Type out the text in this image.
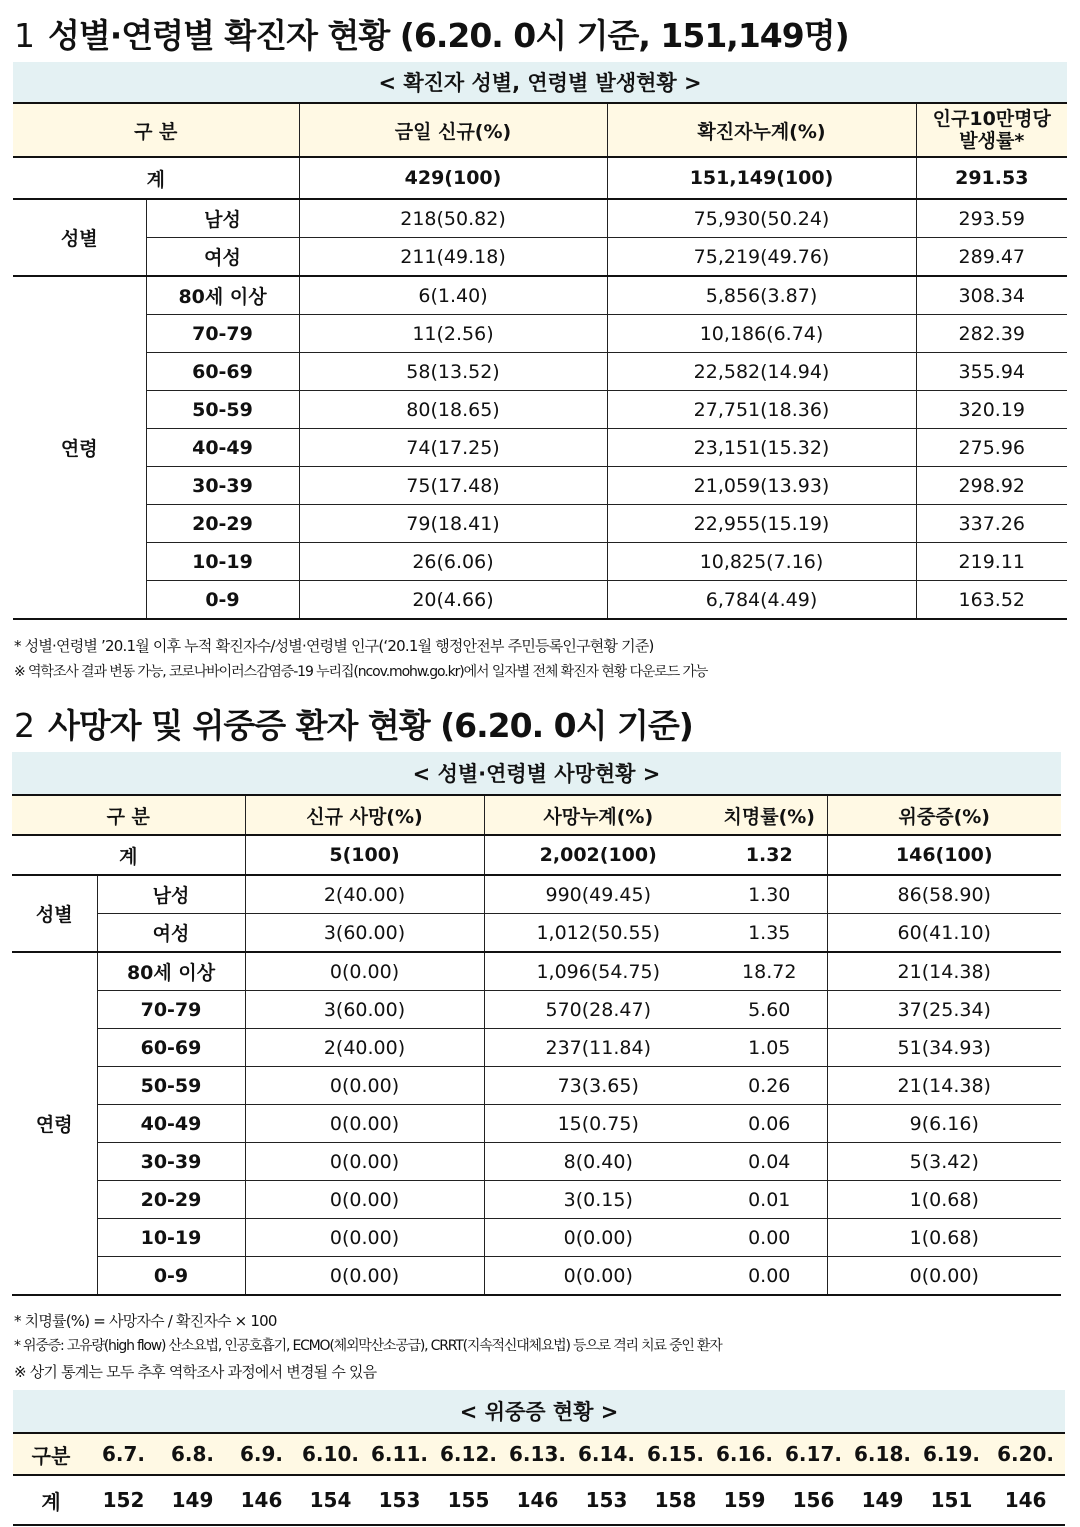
1 성별·연령별 확진자 현황 (6.20. 0시 기준, 151,149명)
< 확진자 성별, 연령별 발생현황 >				
구 분		금일 신규(%)	확진자누계(%)	인구10만명당
발생률*

계		429(100)	151,149(100)	291.53
성별	남성	218(50.82)	75,930(50.24)	293.59
	여성	211(49.18)	75,219(49.76)	289.47
연령	80세 이상	6(1.40)	5,856(3.87)	308.34
	70-79	11(2.56)	10,186(6.74)	282.39
	60-69	58(13.52)	22,582(14.94)	355.94
	50-59	80(18.65)	27,751(18.36)	320.19
	40-49	74(17.25)	23,151(15.32)	275.96
	30-39	75(17.48)	21,059(13.93)	298.92
	20-29	79(18.41)	22,955(15.19)	337.26
	10-19	26(6.06)	10,825(7.16)	219.11
	0-9	20(4.66)	6,784(4.49)	163.52
* 성별·연령별 ’20.1월 이후 누적 확진자수/성별·연령별 인구(‘20.1월 행정안전부 주민등록인구현황 기준)
※ 역학조사 결과 변동 가능, 코로나바이러스감염증-19 누리집(ncov.mohw.go.kr)에서 일자별 전체 확진자 현황 다운로드 가능
2 사망자 및 위중증 환자 현황 (6.20. 0시 기준)
< 성별·연령별 사망현황 >					
구 분		신규 사망(%)	사망누계(%)	치명률(%)	위중증(%)
계		5(100)	2,002(100)	1.32	146(100)
성별	남성	2(40.00)	990(49.45)	1.30	86(58.90)
	여성	3(60.00)	1,012(50.55)	1.35	60(41.10)
연령	80세 이상	0(0.00)	1,096(54.75)	18.72	21(14.38)
	70-79	3(60.00)	570(28.47)	5.60	37(25.34)
	60-69	2(40.00)	237(11.84)	1.05	51(34.93)
	50-59	0(0.00)	73(3.65)	0.26	21(14.38)
	40-49	0(0.00)	15(0.75)	0.06	9(6.16)
	30-39	0(0.00)	8(0.40)	0.04	5(3.42)
	20-29	0(0.00)	3(0.15)	0.01	1(0.68)
	10-19	0(0.00)	0(0.00)	0.00	1(0.68)
	0-9	0(0.00)	0(0.00)	0.00	0(0.00)
* 치명률(%) = 사망자수 / 확진자수 × 100
* 위중증: 고유량(high flow) 산소요법, 인공호흡기, ECMO(체외막산소공급), CRRT(지속적신대체요법) 등으로 격리 치료 중인 환자
※ 상기 통계는 모두 추후 역학조사 과정에서 변경될 수 있음
< 위중증 현황 >														
구분	6.7.	6.8.	6.9.	6.10.	6.11.	6.12.	6.13.	6.14.	6.15.	6.16.	6.17.	6.18.	6.19.	6.20.
계	152	149	146	154	153	155	146	153	158	159	156	149	151	146
